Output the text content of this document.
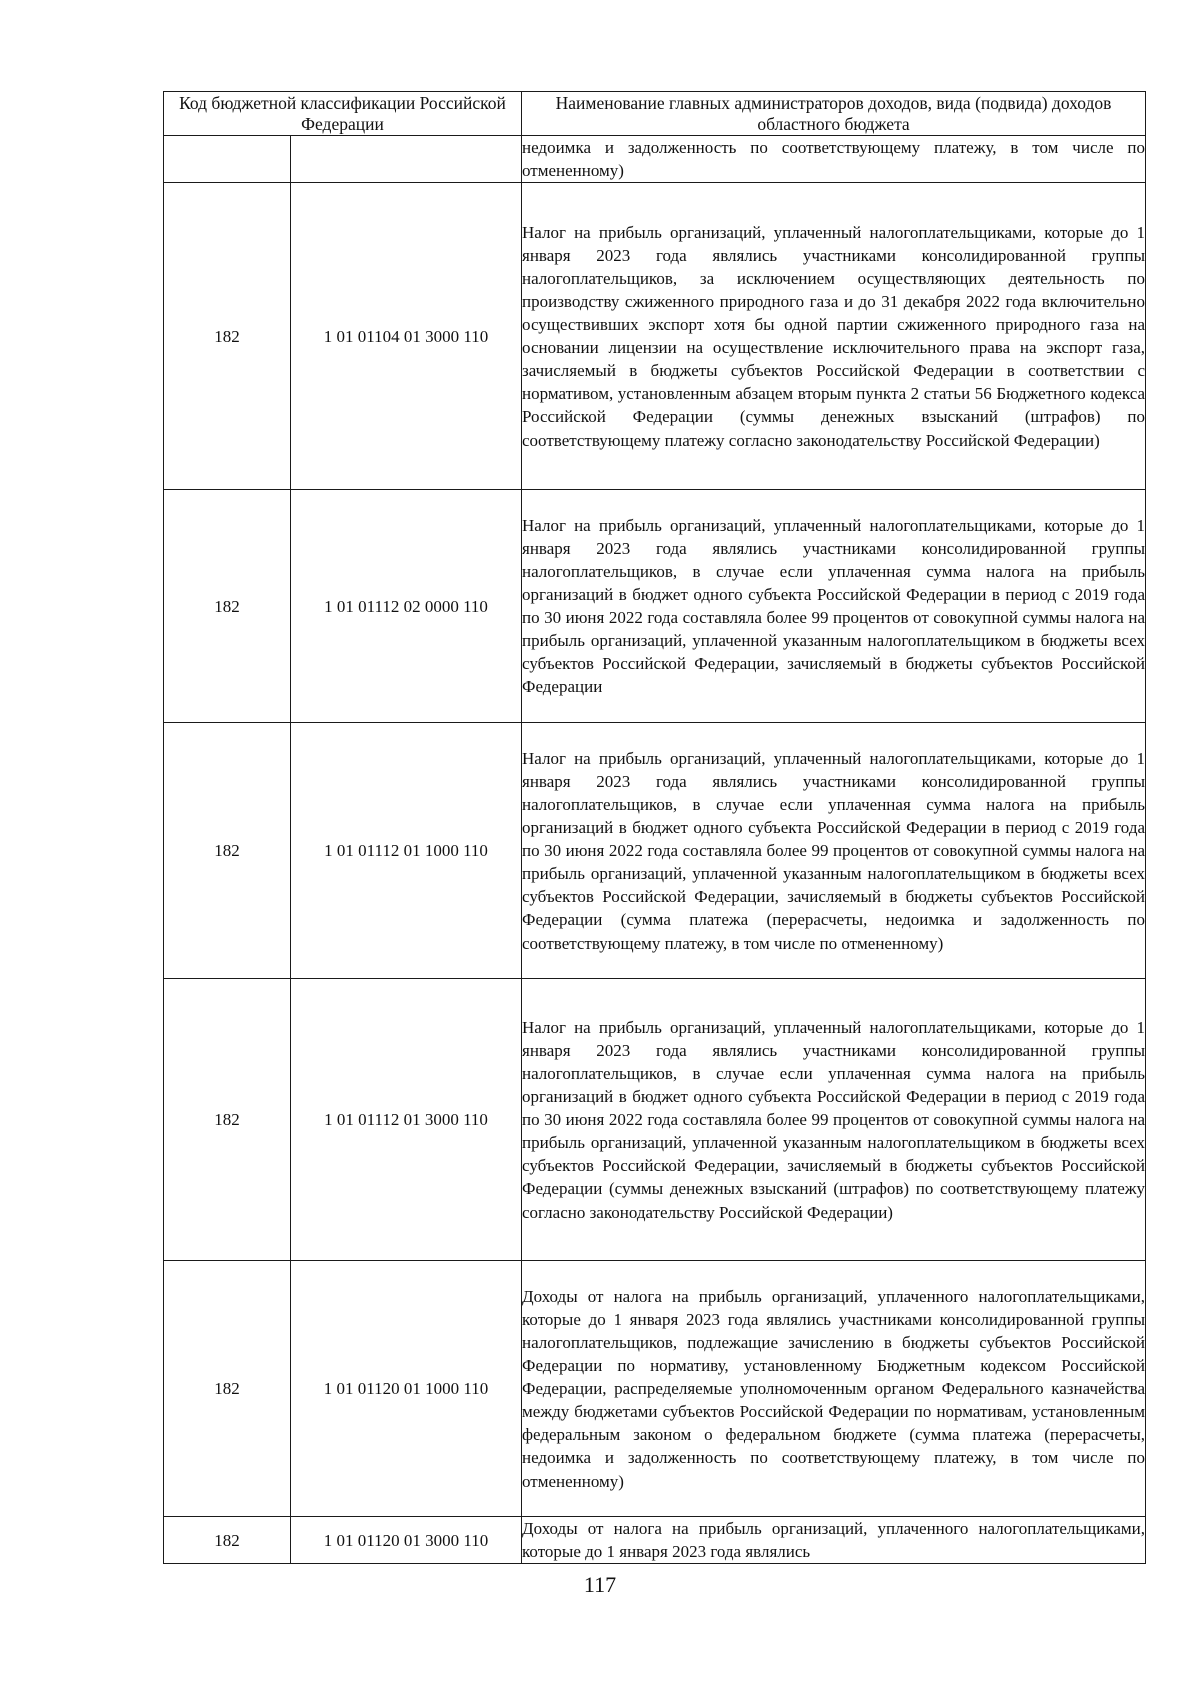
Код бюджетной классификации Российской Федерации		Наименование главных администраторов доходов, вида (подвида) доходов областного бюджета
		недоимка и задолженность по соответствующему платежу, в том числе по отмененному)
182	1 01 01104 01 3000 110	Налог на прибыль организаций, уплаченный налогоплательщиками, которые до 1 января 2023 года являлись участниками консолидированной группы налогоплательщиков, за исключением осуществляющих деятельность по производству сжиженного природного газа и до 31 декабря 2022 года включительно осуществивших экспорт хотя бы одной партии сжиженного природного газа на основании лицензии на осуществление исключительного права на экспорт газа, зачисляемый в бюджеты субъектов Российской Федерации в соответствии с нормативом, установленным абзацем вторым пункта 2 статьи 56 Бюджетного кодекса Российской Федерации (суммы денежных взысканий (штрафов) по соответствующему платежу согласно законодательству Российской Федерации)
182	1 01 01112 02 0000 110	Налог на прибыль организаций, уплаченный налогоплательщиками, которые до 1 января 2023 года являлись участниками консолидированной группы налогоплательщиков, в случае если уплаченная сумма налога на прибыль организаций в бюджет одного субъекта Российской Федерации в период с 2019 года по 30 июня 2022 года составляла более 99 процентов от совокупной суммы налога на прибыль организаций, уплаченной указанным налогоплательщиком в бюджеты всех субъектов Российской Федерации, зачисляемый в бюджеты субъектов Российской Федерации
182	1 01 01112 01 1000 110	Налог на прибыль организаций, уплаченный налогоплательщиками, которые до 1 января 2023 года являлись участниками консолидированной группы налогоплательщиков, в случае если уплаченная сумма налога на прибыль организаций в бюджет одного субъекта Российской Федерации в период с 2019 года по 30 июня 2022 года составляла более 99 процентов от совокупной суммы налога на прибыль организаций, уплаченной указанным налогоплательщиком в бюджеты всех субъектов Российской Федерации, зачисляемый в бюджеты субъектов Российской Федерации (сумма платежа (перерасчеты, недоимка и задолженность по соответствующему платежу, в том числе по отмененному)
182	1 01 01112 01 3000 110	Налог на прибыль организаций, уплаченный налогоплательщиками, которые до 1 января 2023 года являлись участниками консолидированной группы налогоплательщиков, в случае если уплаченная сумма налога на прибыль организаций в бюджет одного субъекта Российской Федерации в период с 2019 года по 30 июня 2022 года составляла более 99 процентов от совокупной суммы налога на прибыль организаций, уплаченной указанным налогоплательщиком в бюджеты всех субъектов Российской Федерации, зачисляемый в бюджеты субъектов Российской Федерации (суммы денежных взысканий (штрафов) по соответствующему платежу согласно законодательству Российской Федерации)
182	1 01 01120 01 1000 110	Доходы от налога на прибыль организаций, уплаченного налогоплательщиками, которые до 1 января 2023 года являлись участниками консолидированной группы налогоплательщиков, подлежащие зачислению в бюджеты субъектов Российской Федерации по нормативу, установленному Бюджетным кодексом Российской Федерации, распределяемые уполномоченным органом Федерального казначейства между бюджетами субъектов Российской Федерации по нормативам, установленным федеральным законом о федеральном бюджете (сумма платежа (перерасчеты, недоимка и задолженность по соответствующему платежу, в том числе по отмененному)
182	1 01 01120 01 3000 110	Доходы от налога на прибыль организаций, уплаченного налогоплательщиками, которые до 1 января 2023 года являлись
117
